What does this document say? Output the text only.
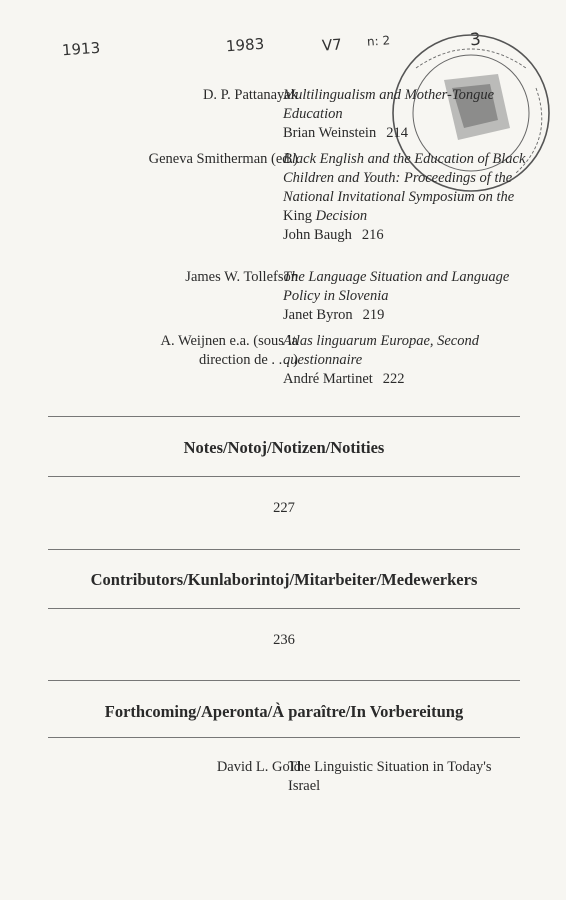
1913	1983	V7 n: 2	3
D. P. Pattanayak
Multilingualism and Mother-Tongue Education
Brian Weinstein 214
Geneva Smitherman (ed.)
Black English and the Education of Black Children and Youth: Proceedings of the National Invitational Symposium on the
King Decision
John Baugh 216
James W. Tollefson
The Language Situation and Language Policy in Slovenia
Janet Byron 219
A. Weijnen e.a. (sous la direction de . . . )
Atlas linguarum Europae, Second questionnaire
André Martinet 222
Notes/Notoj/Notizen/Notities
227
Contributors/Kunlaborintoj/Mitarbeiter/Medewerkers
236
Forthcoming/Aperonta/À paraître/In Vorbereitung
David L. Gold
The Linguistic Situation in Today's Israel
